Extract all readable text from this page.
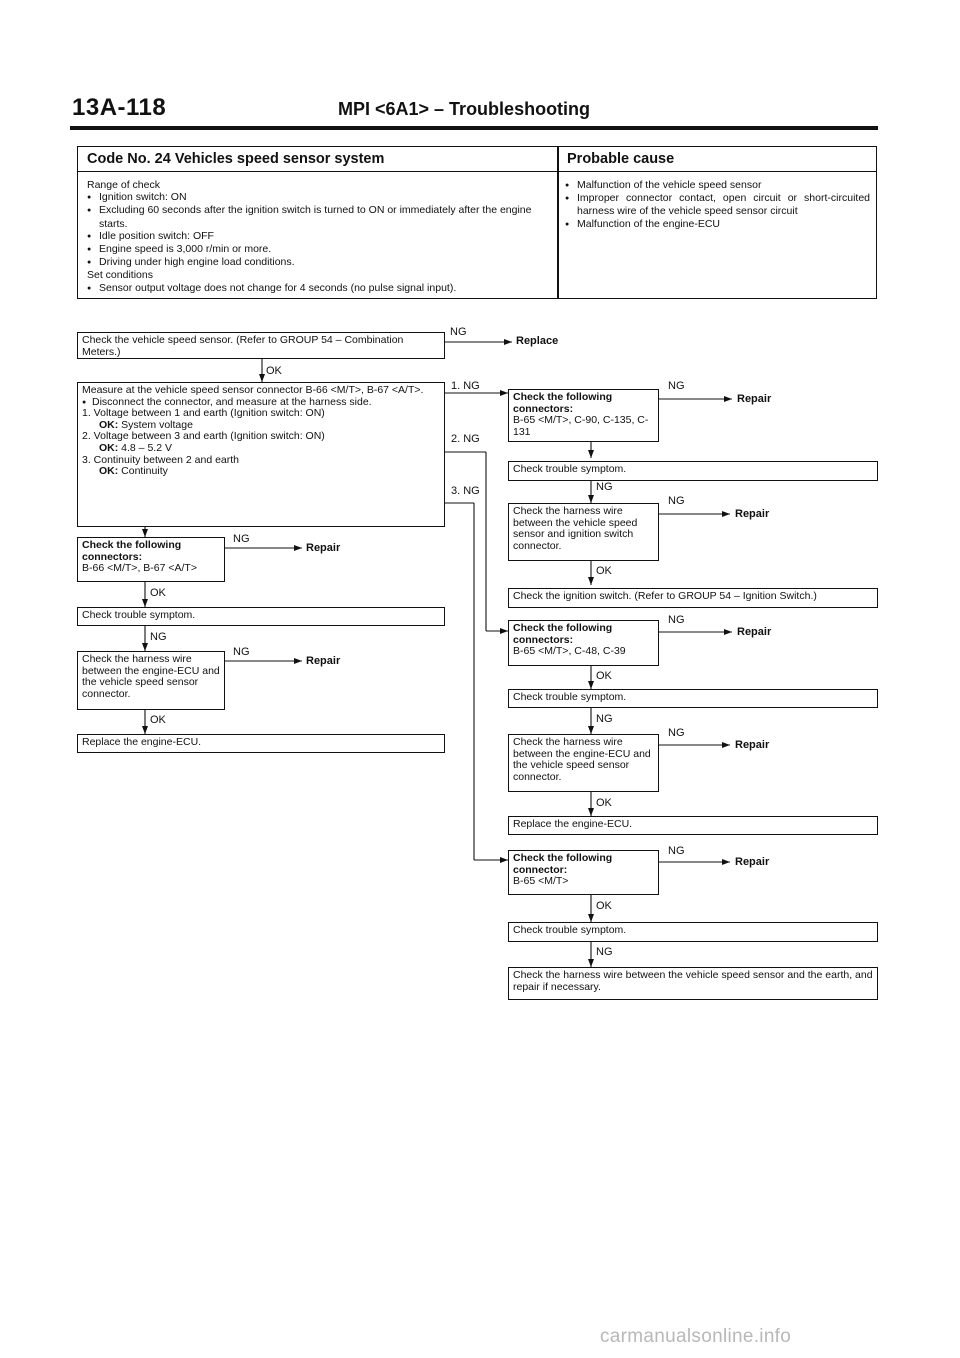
13A-118	MPI <6A1> – Troubleshooting
Code No. 24 Vehicles speed sensor system	Probable cause

Range of check

● Ignition switch: ON

● Excluding 60 seconds after the ignition switch is turned to ON or immediately after the engine starts.

● Idle position switch: OFF

● Engine speed is 3,000 r/min or more.

● Driving under high engine load conditions.

Set conditions

● Sensor output voltage does not change for 4 seconds (no pulse signal input).

● Malfunction of the vehicle speed sensor

● Improper connector contact, open circuit or short-circuited harness wire of the vehicle speed sensor circuit

● Malfunction of the engine-ECU

Check the vehicle speed sensor. (Refer to GROUP 54 – Combination Meters.)
Replace

Measure at the vehicle speed sensor connector B-66 <M/T>, B-67 <A/T>.

● Disconnect the connector, and measure at the harness side.

1. Voltage between 1 and earth (Ignition switch: ON)

OK: System voltage

2. Voltage between 3 and earth (Ignition switch: ON)

OK: 4.8 – 5.2 V

3. Continuity between 2 and earth

OK: Continuity

Check the following connectors:

B-66 <M/T>, B-67 <A/T>

Check trouble symptom.
Check the harness wire between the engine-ECU and the vehicle speed sensor connector.
Replace the engine-ECU.

Check the following connectors:

B-65 <M/T>, C-90, C-135, C-131

Check trouble symptom.
Check the harness wire between the vehicle speed sensor and ignition switch connector.
Check the ignition switch. (Refer to GROUP 54 – Ignition Switch.)

Check the following connectors:

B-65 <M/T>, C-48, C-39

Check trouble symptom.
Check the harness wire between the engine-ECU and the vehicle speed sensor connector.
Replace the engine-ECU.

Check the following connector:

B-65 <M/T>

Check trouble symptom.
Check the harness wire between the vehicle speed sensor and the earth, and repair if necessary.
NG
OK
1. NG
2. NG
3. NG
NG
Repair
OK
NG
NG
Repair
OK
NG
Repair
NG
NG
Repair
OK
NG
Repair
OK
NG
NG
Repair
OK
NG
Repair
OK
NG
carmanualsonline.info
